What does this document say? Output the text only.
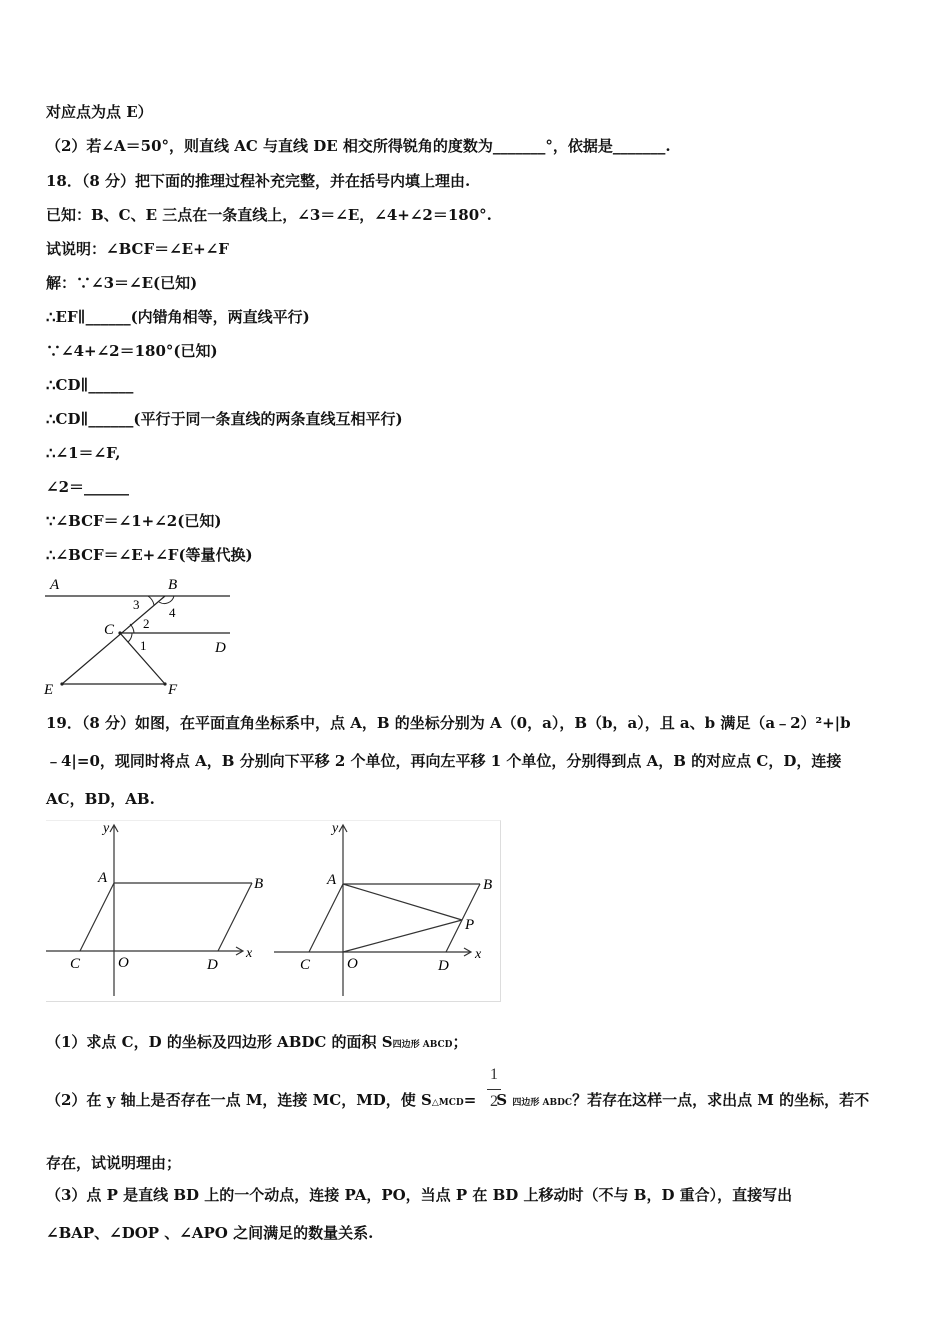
对应点为点 E）
（2）若∠A＝50°，则直线 AC 与直线 DE 相交所得锐角的度数为_______°，依据是_______.
18．（8 分）把下面的推理过程补充完整，并在括号内填上理由.
已知：B、C、E 三点在一条直线上，∠3＝∠E，∠4+∠2＝180°.
试说明：∠BCF＝∠E+∠F
解：∵∠3＝∠E(已知)
∴EF∥______(内错角相等，两直线平行)
∵∠4+∠2＝180°(已知)
∴CD∥______
∴CD∥______(平行于同一条直线的两条直线互相平行)
∴∠1＝∠F,
∠2＝______
∵∠BCF＝∠1+∠2(已知)
∴∠BCF＝∠E+∠F(等量代换)
A	B
C
D
E	F
1
2
3
4
19．（8 分）如图，在平面直角坐标系中，点 A，B 的坐标分别为 A（0，a），B（b，a），且 a、b 满足（a﹣2）²+|b
﹣4|=0，现同时将点 A，B 分别向下平移 2 个单位，再向左平移 1 个单位，分别得到点 A，B 的对应点 C，D，连接
AC，BD，AB.
y
x
A	B
C	O	D
y
x
A	B
C O	D
P
（1）求点 C，D 的坐标及四边形 ABDC 的面积 S四边形 ABCD；
1
2
（2）在 y 轴上是否存在一点 M，连接 MC，MD，使 S△MCD= S 四边形 ABDC？若存在这样一点，求出点 M 的坐标，若不
存在，试说明理由；
（3）点 P 是直线 BD 上的一个动点，连接 PA，PO，当点 P 在 BD 上移动时（不与 B，D 重合），直接写出
∠BAP、∠DOP 、∠APO 之间满足的数量关系.
